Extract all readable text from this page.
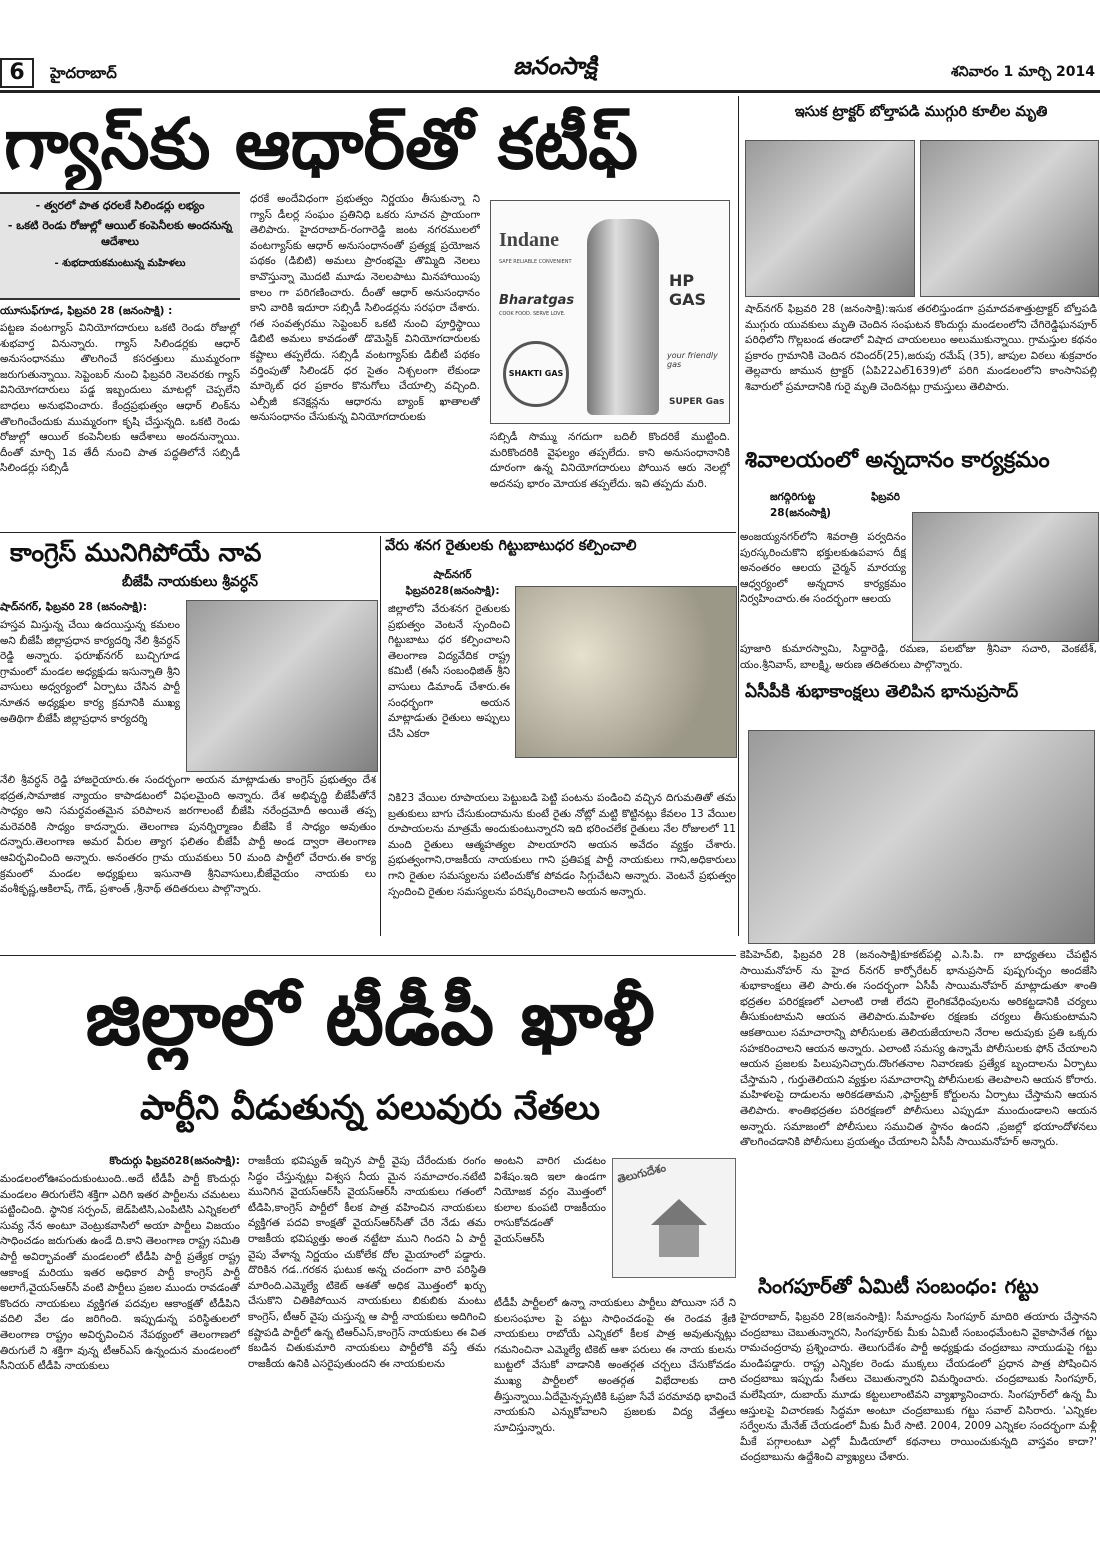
6	హైదరాబాద్	జనంసాక్షి	శనివారం 1 మార్చి 2014
గ్యాస్‌కు ఆధార్‌తో కటీఫ్
- త్వరలో పాత ధరలకే సిలిండర్లు లభ్యం
- ఒకటి రెండు రోజుల్లో ఆయిల్ కంపెనీలకు అందనున్న ఆదేశాలు
- శుభదాయకమంటున్న మహిళలు
యూసుఫ్‌గూడ, ఫిబ్రవరి 28 (జనంసాక్షి) :
పట్టణ వంటగ్యాస్ వినియోగదారులు ఒకటి రెండు రోజుల్లో శుభవార్త వినున్నారు. గ్యాస్ సిలిండర్లకు ఆధార్ అనుసంధానము తొలగించే కసరత్తులు ముమ్మరంగా జరుగుతున్నాయి. సెప్టెంబర్ నుంచి ఫిబ్రవరి నెలవరకు గ్యాస్ వినియోగదారులు పడ్డ ఇబ్బందులు మాటల్లో చెప్పలేని బాధలు అనుభవించారు. కేంద్రప్రభుత్వం ఆధార్ లింక్‌ను తొలగించేందుకు ముమ్మరంగా కృషి చేస్తున్నది. ఒకటి రెండు రోజుల్లో ఆయిల్ కంపెనీలకు ఆదేశాలు అందనున్నాయి. దీంతో మార్చి 1వ తేదీ నుంచి పాత పద్ధతిలోనే సబ్సిడీ సిలిండర్లు సబ్సిడీ
ధరకే అందేవిధంగా ప్రభుత్వం నిర్ణయం తీసుకున్నా ని గ్యాస్ డీలర్ల సంఘం ప్రతినిధి ఒకరు సూచన ప్రాయంగా తెలిపారు. హైదరాబాద్-రంగారెడ్డి జంట నగరములలో వంటగ్యాస్‌కు ఆధార్ అనుసంధానంతో ప్రత్యక్ష ప్రయోజన పథకం (డిబిటి) అమలు ప్రారంభమై తొమ్మిది నెలలు కావొస్తున్నా మొదటి మూడు నెలలపాటు మినహాయింపు కాలం గా పరిగణించారు. దీంతో ఆధార్ అనుసంధానం కాని వారికి ఇదూరా సబ్సిడీ సిలిండర్లను సరఫరా చేశారు. గత సంవత్సరము సెప్టెంబర్ ఒకటి నుంచి పూర్తిస్థాయి డిబిటి అమలు కావడంతో డొమెస్టిక్ వినియోగదారులకు కష్టాలు తప్పలేదు. సబ్సిడీ వంటగ్యాస్‌కు డిబీటీ పథకం వర్తింపుతో సిలిండర్ ధర సైతం నిశ్చలంగా లేకుండా మార్కెట్ ధర ప్రకారం కొనుగోలు చేయాల్సి వచ్చింది. ఎల్పీజీ కనెక్షన్లను ఆధారను బ్యాంక్ ఖాతాలతో అనుసంధానం చేసుకున్న వినియోగదారులకు
Indane
SAFE RELIABLE CONVENIENT
Bharatgas
COOK FOOD. SERVE LOVE.
SHAKTI GAS
HP GAS
your friendly gas
SUPER Gas
సబ్సిడీ సొమ్ము నగదుగా బదిలీ కొందరికే ముట్టింది. మరికొందరికి వైఫల్యం తప్పలేదు. కాని అనుసంధానానికి దూరంగా ఉన్న వినియోగదారులు పోయిన ఆరు నెలల్లో అదనపు భారం మోయక తప్పలేదు. ఇవి తప్పదు మరి.
ఇసుక ట్రాక్టర్ బోల్తాపడి ముగ్గురి కూలీల మృతి
షాద్‌నగర్ ఫిబ్రవరి 28 (జనంసాక్షి):ఇసుక తరలిస్తుండగా ప్రమాదవశాత్తుట్రాక్టర్ బోల్తపడి ముగ్గురు యువకులు మృతి చెందిన సంఘటన కొందుర్గు మండలంలోని చేగిరెడ్డిఘనపూర్ పరిధిలోని గొల్లబండ తండాలో విషాద చాయలలుం అలుముకున్నాయి. గ్రామస్తుల కథనం ప్రకారం గ్రామానికి చెందిన రవిందర్(25),జరుపు రమేష్ (35), జాపుల విఠలు శుక్రవారం తెల్లవారు జామున ట్రాక్టర్ (ఏపి22ఎల్1639)లో పరిగి మండలంలోని కాంసానిపల్లి శివారులో ప్రమాదానికి గురై మృతి చెందినట్లు గ్రామస్తులు తెలిపారు.
శివాలయంలో అన్నదానం కార్యక్రమం
జగద్గిరిగుట్ట ఫిబ్రవరి 28(జనంసాక్షి)
అంజయ్యనగర్‌లోని శివరాత్రి పర్వదినం పురస్కరించుకొని భక్తులకుఉపవాస దీక్ష అనంతరం ఆలయ చైర్మన్ మారయ్య ఆధ్వర్యంలో అన్నదాన కార్యక్రమం నిర్వహించారు.ఈ సందర్భంగా ఆలయ
పూజారి కుమారస్వామి, సిద్దారెడ్డి, రమణ, పలబోజు శ్రీనివా సచారి, వెంకటేశ్, యం.శ్రీనివాస్, బాలక్ష్మి, అరుణ తదితరులు పాల్గొన్నారు.
ఏసీపీకి శుభాకాంక్షలు తెలిపిన భానుప్రసాద్
కెపిహెచ్‌బి, ఫిబ్రవరి 28 (జనంసాక్షి)కూకట్‌పల్లి ఎ.సి.పి. గా బాధ్యతలు చేపట్టిన సాయిమనోహర్ ను హైద ర్‌నగర్ కార్పోరేటర్ భానుప్రసాద్ పుష్పగుచ్ఛం అందజేసి శుభాకాంక్షలు తెలి పారు.ఈ సందర్భంగా ఏసీపీ సాయిమనోహర్ మాట్లాడుతూ శాంతి భద్రతల పరిరక్షణలో ఎలాంటి రాజీ లేదని లైంగికవేధింపులను అరికట్టడానికి చర్యలు తీసుకుంటామని ఆయన తెలిపారు.మహిళల రక్షణకు చర్యలు తీసుకుంటామని ఆకతాయిల సమాచారాన్ని పోలీసులకు తెలియజేయాలని నేరాల అదుపుకు ప్రతి ఒక్కరు సహకరించాలని ఆయన అన్నారు. ఎలాంటి సమస్య ఉన్నామే పోలీసులకు ఫోన్ చేయాలని ఆయన ప్రజలకు పిలుపునిచ్చారు.దొంగతనాల నివారణకు ప్రత్యేక బృందాలను ఏర్పాటు చేస్తామని , గుర్తుతెలియని వ్యక్తుల సమాచారాన్ని పోలీసులకు తెలపాలని ఆయన కోరారు. మహిళలపై దాడులను అరికడతామని ,ఫాస్ట్‌ట్రాక్ కోర్టులను ఏర్పాటు చేస్తామని ఆయన తెలిపారు. శాంతిభద్రతల పరిరక్షణలో పోలీసులు ఎప్పుడూ ముందుండాలని ఆయన అన్నారు. సమాజంలో పోలీసులు సముచిత స్థానం ఉందని ,ప్రజల్లో భయాందోళనలు తొలగించడానికి పోలీసులు ప్రయత్నం చేయాలని ఏసీపీ సాయిమనోహర్ అన్నారు.
సింగపూర్‌తో ఏమిటీ సంబంధం: గట్టు
హైదరాబాద్, ఫిబ్రవరి 28(జనంసాక్షి): సీమాంధ్రను సింగపూర్ మాదిరి తయారు చేస్తానని చంద్రబాబు చెబుతున్నారని, సింగపూర్‌కు మీకు ఏమిటీ సంబంధమేంటని వైకాపానేత గట్టు రామచంద్రరావు ప్రశ్నించారు. తెలుగుదేశం పార్టీ అధ్యక్షుడు చంద్రబాబు నాయుడుపై గట్టు మండిపడ్డారు. రాష్ట్ర ఎన్నికల రెండు ముక్కలు చేయడంలో ప్రధాన పాత్ర పోషించిన చంద్రబాబు ఇప్పుడు సీతలు చెబుతున్నారని విమర్శించారు. చంద్రబాబుకు సింగపూర్, మలేషియా, దుబాయ్ మూడు కట్టలులాంటివని వ్యాఖ్యానించారు. సింగపూర్‌లో ఉన్న మీ ఆస్తులపై విచారణకు సిద్ధమా అంటూ చంద్రబాబుకు గట్టు సవాల్ విసిరారు. 'ఎన్నికల సర్వేలను మేనేజ్ చేయడంలో మీకు మీరే సాటి. 2004, 2009 ఎన్నికల సందర్భంగా మళ్లీ మీకే పగ్గాలంటూ ఎల్లో మీడియాలో కథనాలు రాయించుకున్నది వాస్తవం కాదా?' చంద్రబాబును ఉద్దేశించి వ్యాఖ్యలు చేశారు.
కాంగ్రెస్ మునిగిపోయే నావ
బీజేపీ నాయకులు శ్రీవర్ధన్
షాద్‌నగర్, ఫిబ్రవరి 28 (జనంసాక్షి):
హస్తవ మిస్తున్న చేయి ఉదయిస్తున్న కమలం అని బీజేపీ జిల్లాప్రధాన కార్యదర్శి నేలి శ్రీవర్ధన్ రెడ్డి అన్నారు. ఫరూఖ్‌నగర్ బుచ్చిగూడ గ్రామంలో మండల అధ్యక్షుడు ఇసున్నాతి శ్రీని వాసులు అధ్వర్యంలో ఏర్పాటు చేసిన పార్టీ నూతన అధ్యక్షుల కార్య క్రమానికి ముఖ్య అతిథిగా బీజేపీ జిల్లాప్రధాన కార్యదర్శి
నేలి శ్రీవర్ధన్ రెడ్డి హాజరైయారు.ఈ సందర్భంగా అయన మాట్లాడుతు కాంగ్రెస్ ప్రభుత్వం దేశ భద్రత,సామాజిక న్యాయం కాపాడటంలో విఫలమైంది అన్నారు. దేశ అభివృద్ధి బీజేపీతోనే సాధ్యం అని సమర్ధవంతమైన పరిపాలన జరగాలంటే బీజేపి నరేంద్రమోదీ అయితే తప్ప మరెవరికి సాధ్యం కాదన్నారు. తెలంగాణ పునర్నిర్మాణం బీజేపి కే సాధ్యం అవుతుం దన్నారు.తెలంగాణ అమర వీరుల త్యాగ ఫలితం బీజేపీ పార్టీ అండ ద్వారా తెలంగాణ ఆవిర్భవించింది అన్నారు. అనంతరం గ్రామ యువకులు 50 మంది పార్టీలో చేరారు.ఈ కార్య క్రమంలో మండల అధ్యక్షులు ఇసునాతి శ్రీనివాసులు,బీజేవైయం నాయకు లు వంశీకృష్ణ,ఆకిలాష్, గౌడ్, ప్రశాంత్ ,శ్రీనాథ్ తదితరులు పాల్గొన్నారు.
వేరు శనగ రైతులకు గిట్టుబాటుధర కల్పించాలి
షాద్‌నగర్ ఫిబ్రవరి28(జనంసాక్షి):
జిల్లాలోని వేరుశనగ రైతులకు ప్రభుత్వం వెంటనే స్పందించి గిట్టుబాటు ధర కల్పించాలని తెలంగాణ విద్యవేదిక రాష్ట్ర కమిటీ (ఈసీ సంబంధిజిత్ శ్రీని వాసులు డిమాండ్ చేశారు.ఈ సంధర్భంగా అయన మాట్లాడుతు రైతులు అప్పులు చేసి ఎకరా
నికి23 వేయిల రూపాయలు పెట్టుబడి పెట్టి పంటను పండించి వచ్చిన దిగుమతితో తమ బ్రతుకులు బాగు చేసుకుందామను కుంటే రైతు నోట్లో మట్టి కొట్టినట్లు కేవలం 13 వేయిల రూపాయలను మాత్రమే అందుకుంటున్నారని ఇది భరించలేక రైతులు నేల రోజులలో 11 మంది రైతులు ఆత్మహత్యల పాలయారని అయన అవేదం వ్యక్తం చేశారు. ప్రభుత్వంగాని,రాజకీయ నాయకులు గాని ప్రతిపక్ష పార్టీ నాయకులు గాని,అధికారులు గాని రైతుల సమస్యలను పటించుకోక పోవడం సిగ్గుచేటని అన్నారు. వెంటనే ప్రభుత్వం స్పందించి రైతుల సమస్యలను పరిష్కరించాలని అయన అన్నారు.
జిల్లాలో టీడీపీ ఖాళీ
పార్టీని వీడుతున్న పలువురు నేతలు
కొందుర్గు ఫిబ్రవరి28(జనంసాక్షి):
మండలంలోఊపందుకుంటుంది..అదే టీడీపీ పార్టీ కొందుర్గు మండలం తిరుగులేని శక్తిగా ఎదిగి ఇతర పార్టీలను చమటలు పట్టించింది. స్థానిక సర్పంచ్, జెడ్‌పిటిసి,ఎంపిటిసి ఎన్నికలలో సువ్య నేన అంటూ వెంట్రుకవాసిలో అయా పార్టీలు విజయం సాధించడం జరుగుతు ఉండే ది.కాని తెలంగాణ రాష్ట్ర సమితి పార్టీ అవిర్భావంతో మండలంలో టీడీపి పార్టీ ప్రత్యేక రాష్ట్ర ఆకాంక్ష మరియు ఇతర అధికార పార్టీ కాంగ్రెస్ పార్టీ అలాగే,వైయస్‌ఆర్‌సీ వంటి పార్టీలు ప్రజల ముందు రావడంతో కొందరు నాయకులు వ్యక్తిగత పదవుల ఆకాంక్షతో టీడీపిని వదిలి వేల డం జరిగింది. ఇప్పుడున్న పరిస్థితులలో తెలంగాణ రాష్ట్రం అవిర్భవించిన నేపథ్యంలో తెలంగాణలో తిరుగులే ని శక్తిగా వున్న టీఆర్‌ఎస్ ఉన్నందున మండలంలో సీనియర్ టీడీపి నాయకులు
రాజకీయ భవిష్యత్ ఇచ్చిన పార్టీ వైపు చేరేందుకు రంగం సిద్ధం చేస్తున్నట్లు విశ్వస నీయ మైన సమాచారం.నటేటి మునిగిన వైయస్‌ఆర్‌సీ వైయస్‌ఆర్‌సీ నాయకులు గతంలో టీడిపి,కాంగ్రెస్ పార్టీలో కీలక పాత్ర వహించిన నాయకులు వ్యక్తిగత పదవి కాంక్షతో వైయస్‌ఆర్‌సీతో చేరి నేడు తమ రాజకీయ భవిష్యత్తు అంత నట్టేటా ముని గిందని ఏ పార్టీ వైపు వేళాన్న నిర్ణయం చుకోలేక దోల మైయాంలో పడ్డారు. దొరికిన గడ..గరకన ఘటుక అన్న చందంగా వారి పరిస్థితి మారింది.ఎమ్మెల్యే టికెట్ ఆశతో అధిక మొత్తంలో ఖర్చు చేసుకొని చితికిపోయిన నాయకులు బికుబికు మంటు కాంగ్రెస్, టీఆర్ వైపు చుస్తున్న ఆ పార్టీ నాయకులు అదిగించి కష్టాపడి పార్టీలో ఉన్న టిఆర్ఎస్,కాంగ్రెస్ నాయకులు ఈ విత కబడిన చితుకుమారి నాయకులు పార్టీలోకి వస్తే తమ రాజకీయ ఉనికి ఎసరైపుతుందని ఈ నాయకులను
అంటని వారిగ చుడటం విశేషం.ఇది ఇలా ఉండగా నియోజక వర్గం మొత్తంలో కులాల కుంపటి రాజకీయం రాసుకోవడంతో వైయస్‌ఆర్‌సీ
తెలుగుదేశం
టీడీపీ పార్టీలలో ఉన్నా నాయకులు పార్టీలు పోయినా సరే ని కులసంఘాల పై పట్టు సాధించడంపై ఈ రెండవ శ్రేణి నాయకులు రాబోయే ఎన్నికలో కీలక పాత్ర అవుతున్నట్లు గమనించినా ఎమ్మెల్యే టికెట్ ఆశా పరులు ఈ నాయ కులను బుట్టలో వేసుకో వాడానికి అంతర్గత చర్చలు చేసుకోవడం ముఖ్య పార్టీలలో అంతర్గత విభేదాలకు దారి తీస్తున్నాయి.ఏదేమైన్పప్పటికి ఓప్రజా సేవే పరమావధి భావించే నాయకుని ఎన్నుకోవాలని ప్రజలకు విద్య వేత్తలు సూచిస్తున్నారు.
